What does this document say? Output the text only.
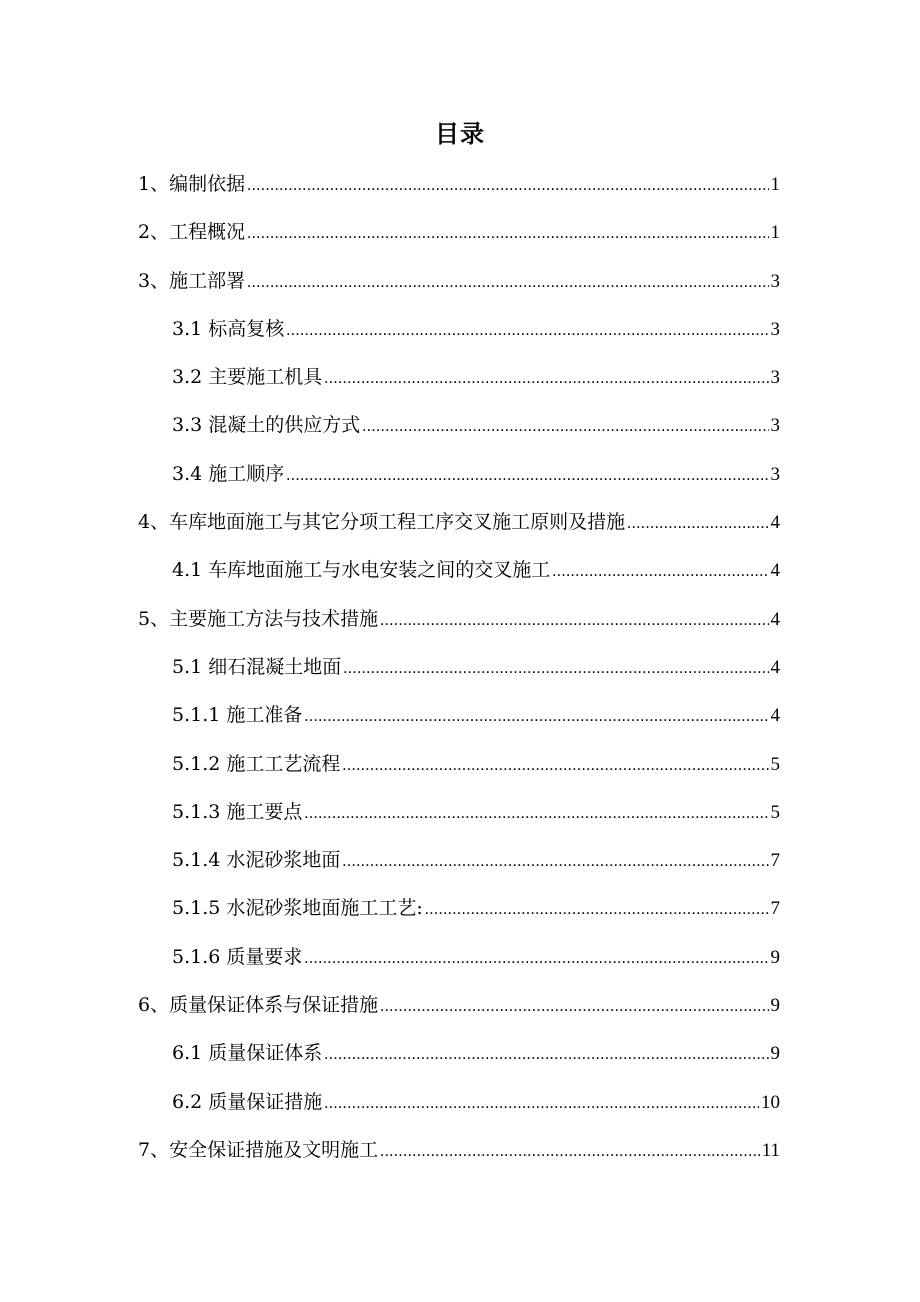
目录
1、编制依据 .....	1
2、工程概况 .....	1
3、施工部署 .....	3
3.1 标高复核 .....	3
3.2 主要施工机具 .....	3
3.3 混凝土的供应方式 .....	3
3.4 施工顺序 .....	3
4、车库地面施工与其它分项工程工序交叉施工原则及措施 .....	4
4.1 车库地面施工与水电安装之间的交叉施工 .....	4
5、主要施工方法与技术措施 .....	4
5.1 细石混凝土地面 .....	4
5.1.1 施工准备 .....	4
5.1.2 施工工艺流程 .....	5
5.1.3 施工要点 .....	5
5.1.4 水泥砂浆地面 .....	7
5.1.5 水泥砂浆地面施工工艺: .....	7
5.1.6 质量要求 .....	9
6、质量保证体系与保证措施 .....	9
6.1 质量保证体系 .....	9
6.2 质量保证措施 .....	10
7、安全保证措施及文明施工 .....	11
